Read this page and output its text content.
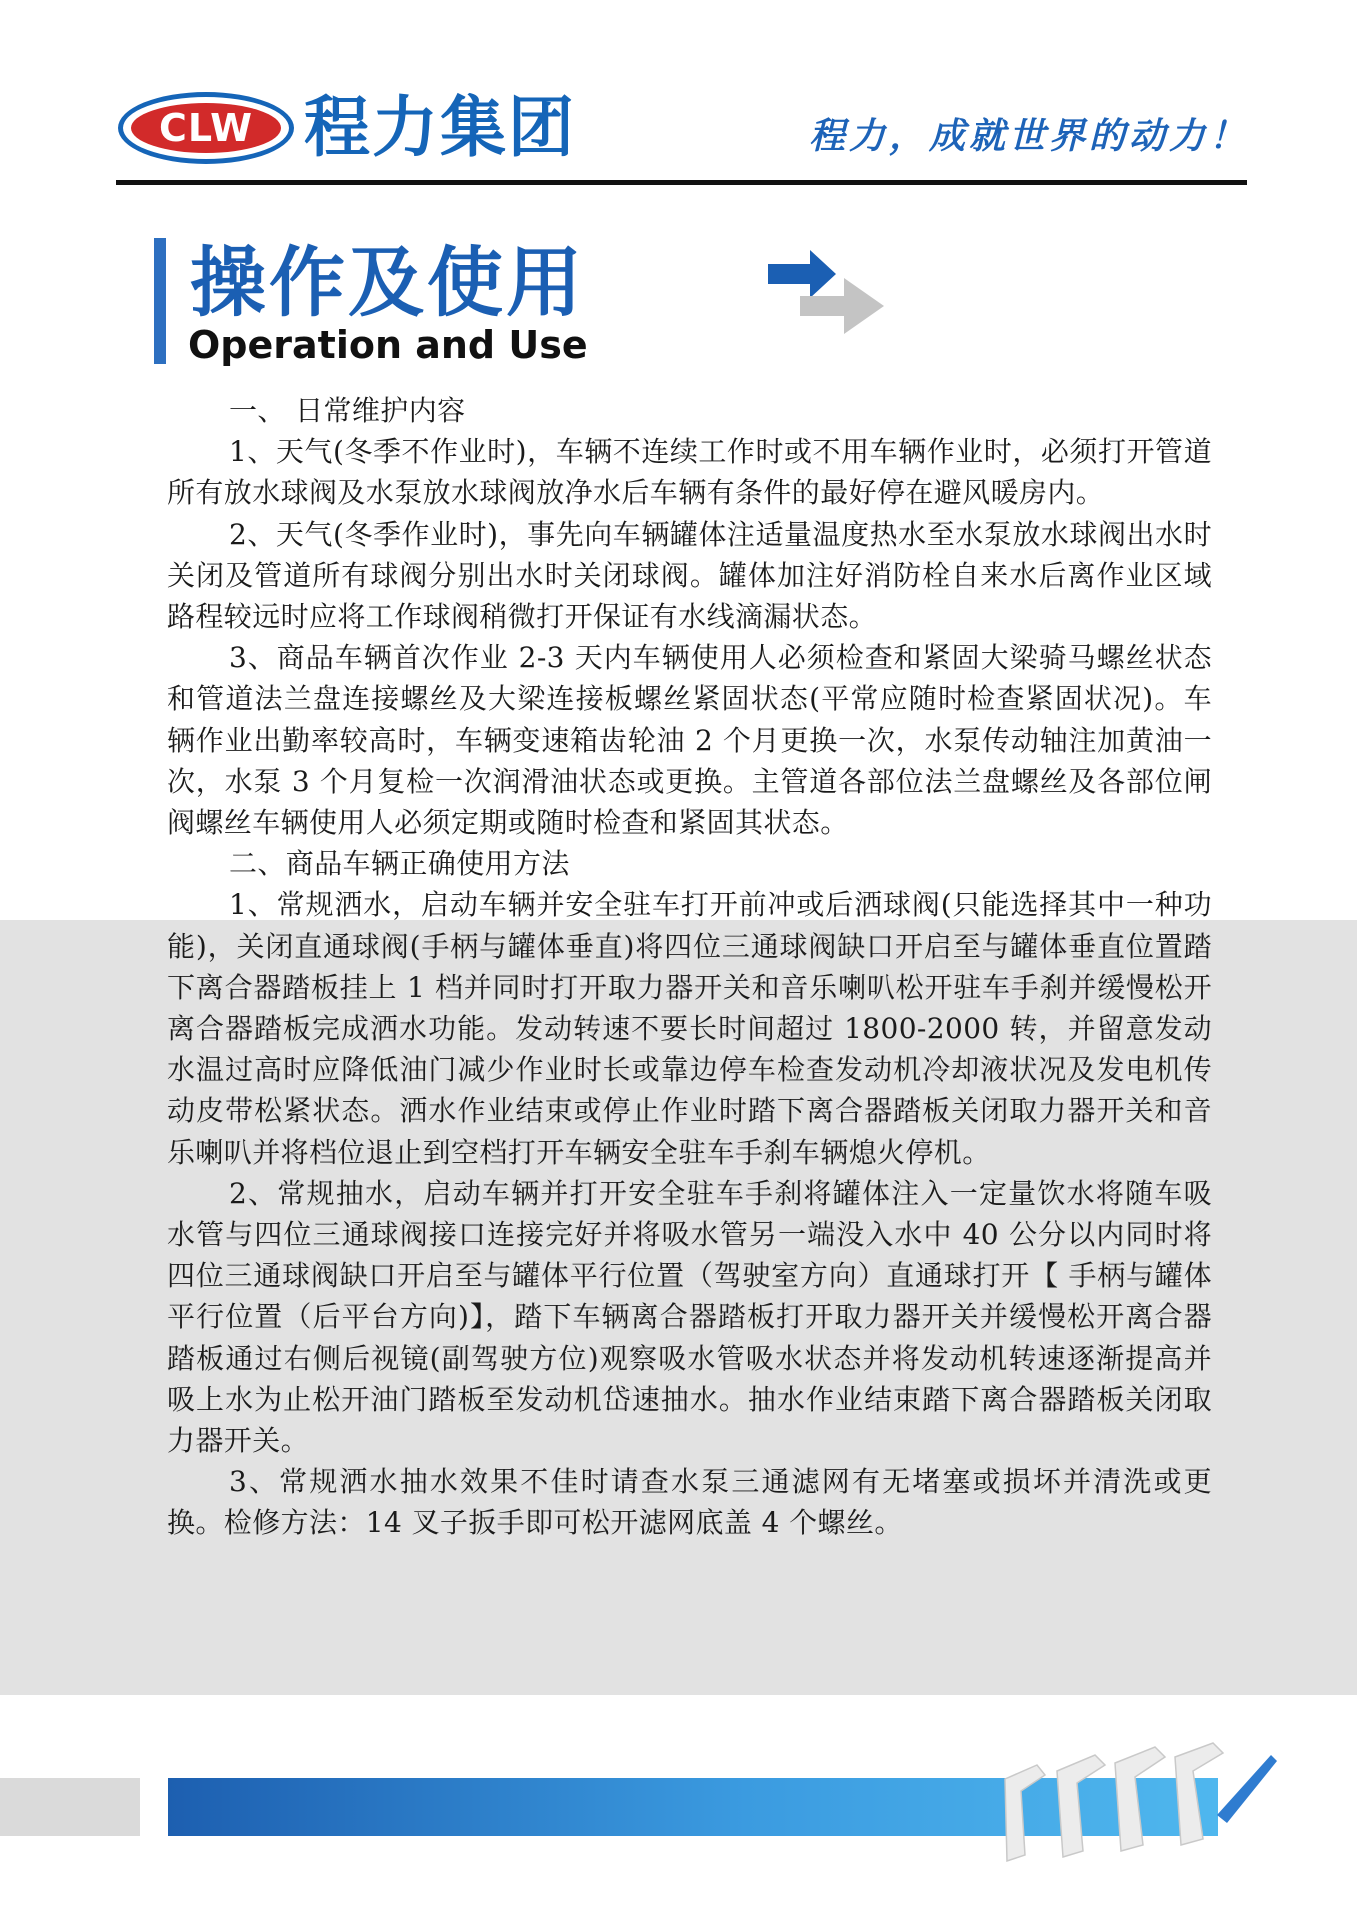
CLW 程力集团	程力，成就世界的动力！
操作及使用
Operation and Use

一、 日常维护内容

1、天气(冬季不作业时)，车辆不连续工作时或不用车辆作业时，必须打开管道所有放水球阀及水泵放水球阀放净水后车辆有条件的最好停在避风暖房内。

2、天气(冬季作业时)，事先向车辆罐体注适量温度热水至水泵放水球阀出水时关闭及管道所有球阀分别出水时关闭球阀。罐体加注好消防栓自来水后离作业区域路程较远时应将工作球阀稍微打开保证有水线滴漏状态。

3、商品车辆首次作业 2-3 天内车辆使用人必须检查和紧固大梁骑马螺丝状态和管道法兰盘连接螺丝及大梁连接板螺丝紧固状态(平常应随时检查紧固状况)。车辆作业出勤率较高时，车辆变速箱齿轮油 2 个月更换一次，水泵传动轴注加黄油一次，水泵 3 个月复检一次润滑油状态或更换。主管道各部位法兰盘螺丝及各部位闸阀螺丝车辆使用人必须定期或随时检查和紧固其状态。

二、商品车辆正确使用方法

1、常规洒水，启动车辆并安全驻车打开前冲或后洒球阀(只能选择其中一种功能)，关闭直通球阀(手柄与罐体垂直)将四位三通球阀缺口开启至与罐体垂直位置踏下离合器踏板挂上 1 档并同时打开取力器开关和音乐喇叭松开驻车手刹并缓慢松开离合器踏板完成洒水功能。发动转速不要长时间超过 1800-2000 转，并留意发动水温过高时应降低油门减少作业时长或靠边停车检查发动机冷却液状况及发电机传动皮带松紧状态。洒水作业结束或停止作业时踏下离合器踏板关闭取力器开关和音乐喇叭并将档位退止到空档打开车辆安全驻车手刹车辆熄火停机。

2、常规抽水，启动车辆并打开安全驻车手刹将罐体注入一定量饮水将随车吸水管与四位三通球阀接口连接完好并将吸水管另一端没入水中 40 公分以内同时将四位三通球阀缺口开启至与罐体平行位置（驾驶室方向）直通球打开【 手柄与罐体平行位置（后平台方向)】，踏下车辆离合器踏板打开取力器开关并缓慢松开离合器踏板通过右侧后视镜(副驾驶方位)观察吸水管吸水状态并将发动机转速逐渐提高并吸上水为止松开油门踏板至发动机岱速抽水。抽水作业结束踏下离合器踏板关闭取力器开关。

3、常规洒水抽水效果不佳时请查水泵三通滤网有无堵塞或损坏并清洗或更换。检修方法：14 叉子扳手即可松开滤网底盖 4 个螺丝。
